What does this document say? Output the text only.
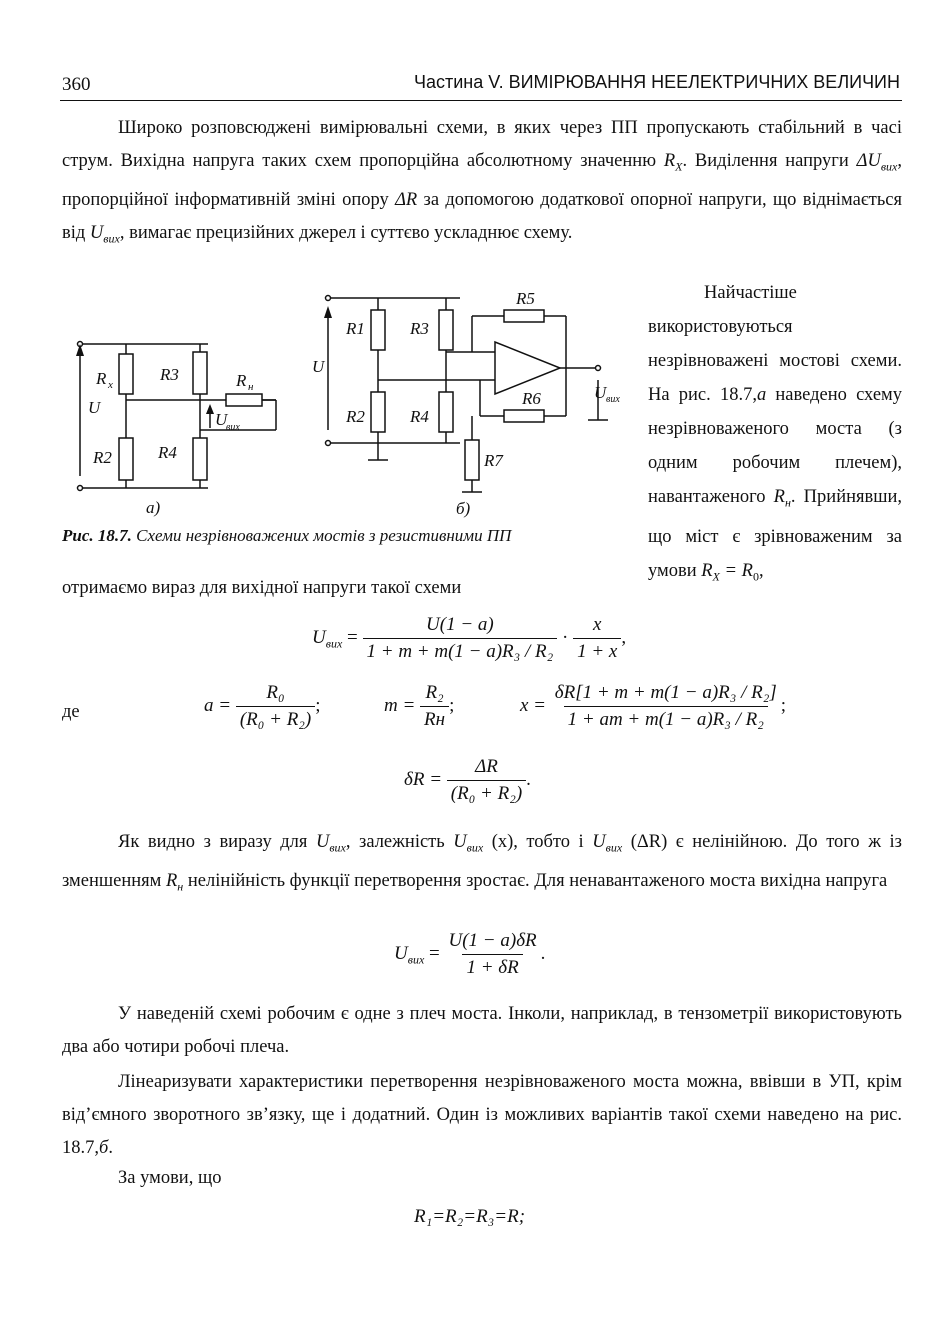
360	Частина V. ВИМІРЮВАННЯ НЕЕЛЕКТРИЧНИХ ВЕЛИЧИН
Широко розповсюджені вимірювальні схеми, в яких через ПП пропускають стабільний в часі струм. Вихідна напруга таких схем пропорційна абсолютному значенню $R_X$. Виділення напруги $\Delta U_{вих}$, пропорційної інформативній зміні опору ΔR за допомогою додаткової опорної напруги, що віднімається від $U_{вих}$, вимагає прецизійних джерел і суттєво ускладнює схему.
U
R x
R3	R н
U
вих
R2	R4
а)
R1	R3
U
R2	R4
R5
R6
R7
U вих
б)
Рис. 18.7. Схеми незрівноважених мостів з резистивними ПП

Найчастіше використовуються незрівноважені мостові схеми. На рис. 18.7,а наведено схему незрівноваженого моста (з одним робочим плечем), навантаженого $R_н$. Прийнявши, що міст є зрівноваженим за умови $R_X = R_0$,

отримаємо вираз для вихідної напруги такої схеми
$U_{вих} = \frac{U(1 - a)}{\text{1 + m + m(1 − a)R₃ / R₂}} \cdot \frac{x}{1 + x}$ ,
де	$a = \frac{\text{R₀}}{\text{(R₀ + R₂)}}$ ;	$m = \frac{\text{R₂}}{Rн}$ ;	$x = \frac{\text{δR[1 + m + m(1 − a)R₃ / R₂]}}{\text{1 + am + m(1 − a)R₃ / R₂}}$ ;
$\delta R = \frac{\Delta R}{\text{(R₀ + R₂)}}$ .
Як видно з виразу для $U_{вих}$, залежність $U_{вих}$ (x), тобто і $U_{вих}$ (ΔR) є нелінійною. До того ж із зменшенням $R_н$ нелінійність функції перетворення зростає. Для ненавантаженого моста вихідна напруга
$U_{вих} = \frac{U(1 - a)\delta R}{1 + \delta R}$ .
У наведеній схемі робочим є одне з плеч моста. Інколи, наприклад, в тензометрії використовують два або чотири робочі плеча.
Лінеаризувати характеристики перетворення незрівноваженого моста можна, ввівши в УП, крім від’ємного зворотного зв’язку, ще і додатний. Один із можливих варіантів такої схеми наведено на рис. 18.7,б.
За умови, що
R₁=R₂=R₃=R;
